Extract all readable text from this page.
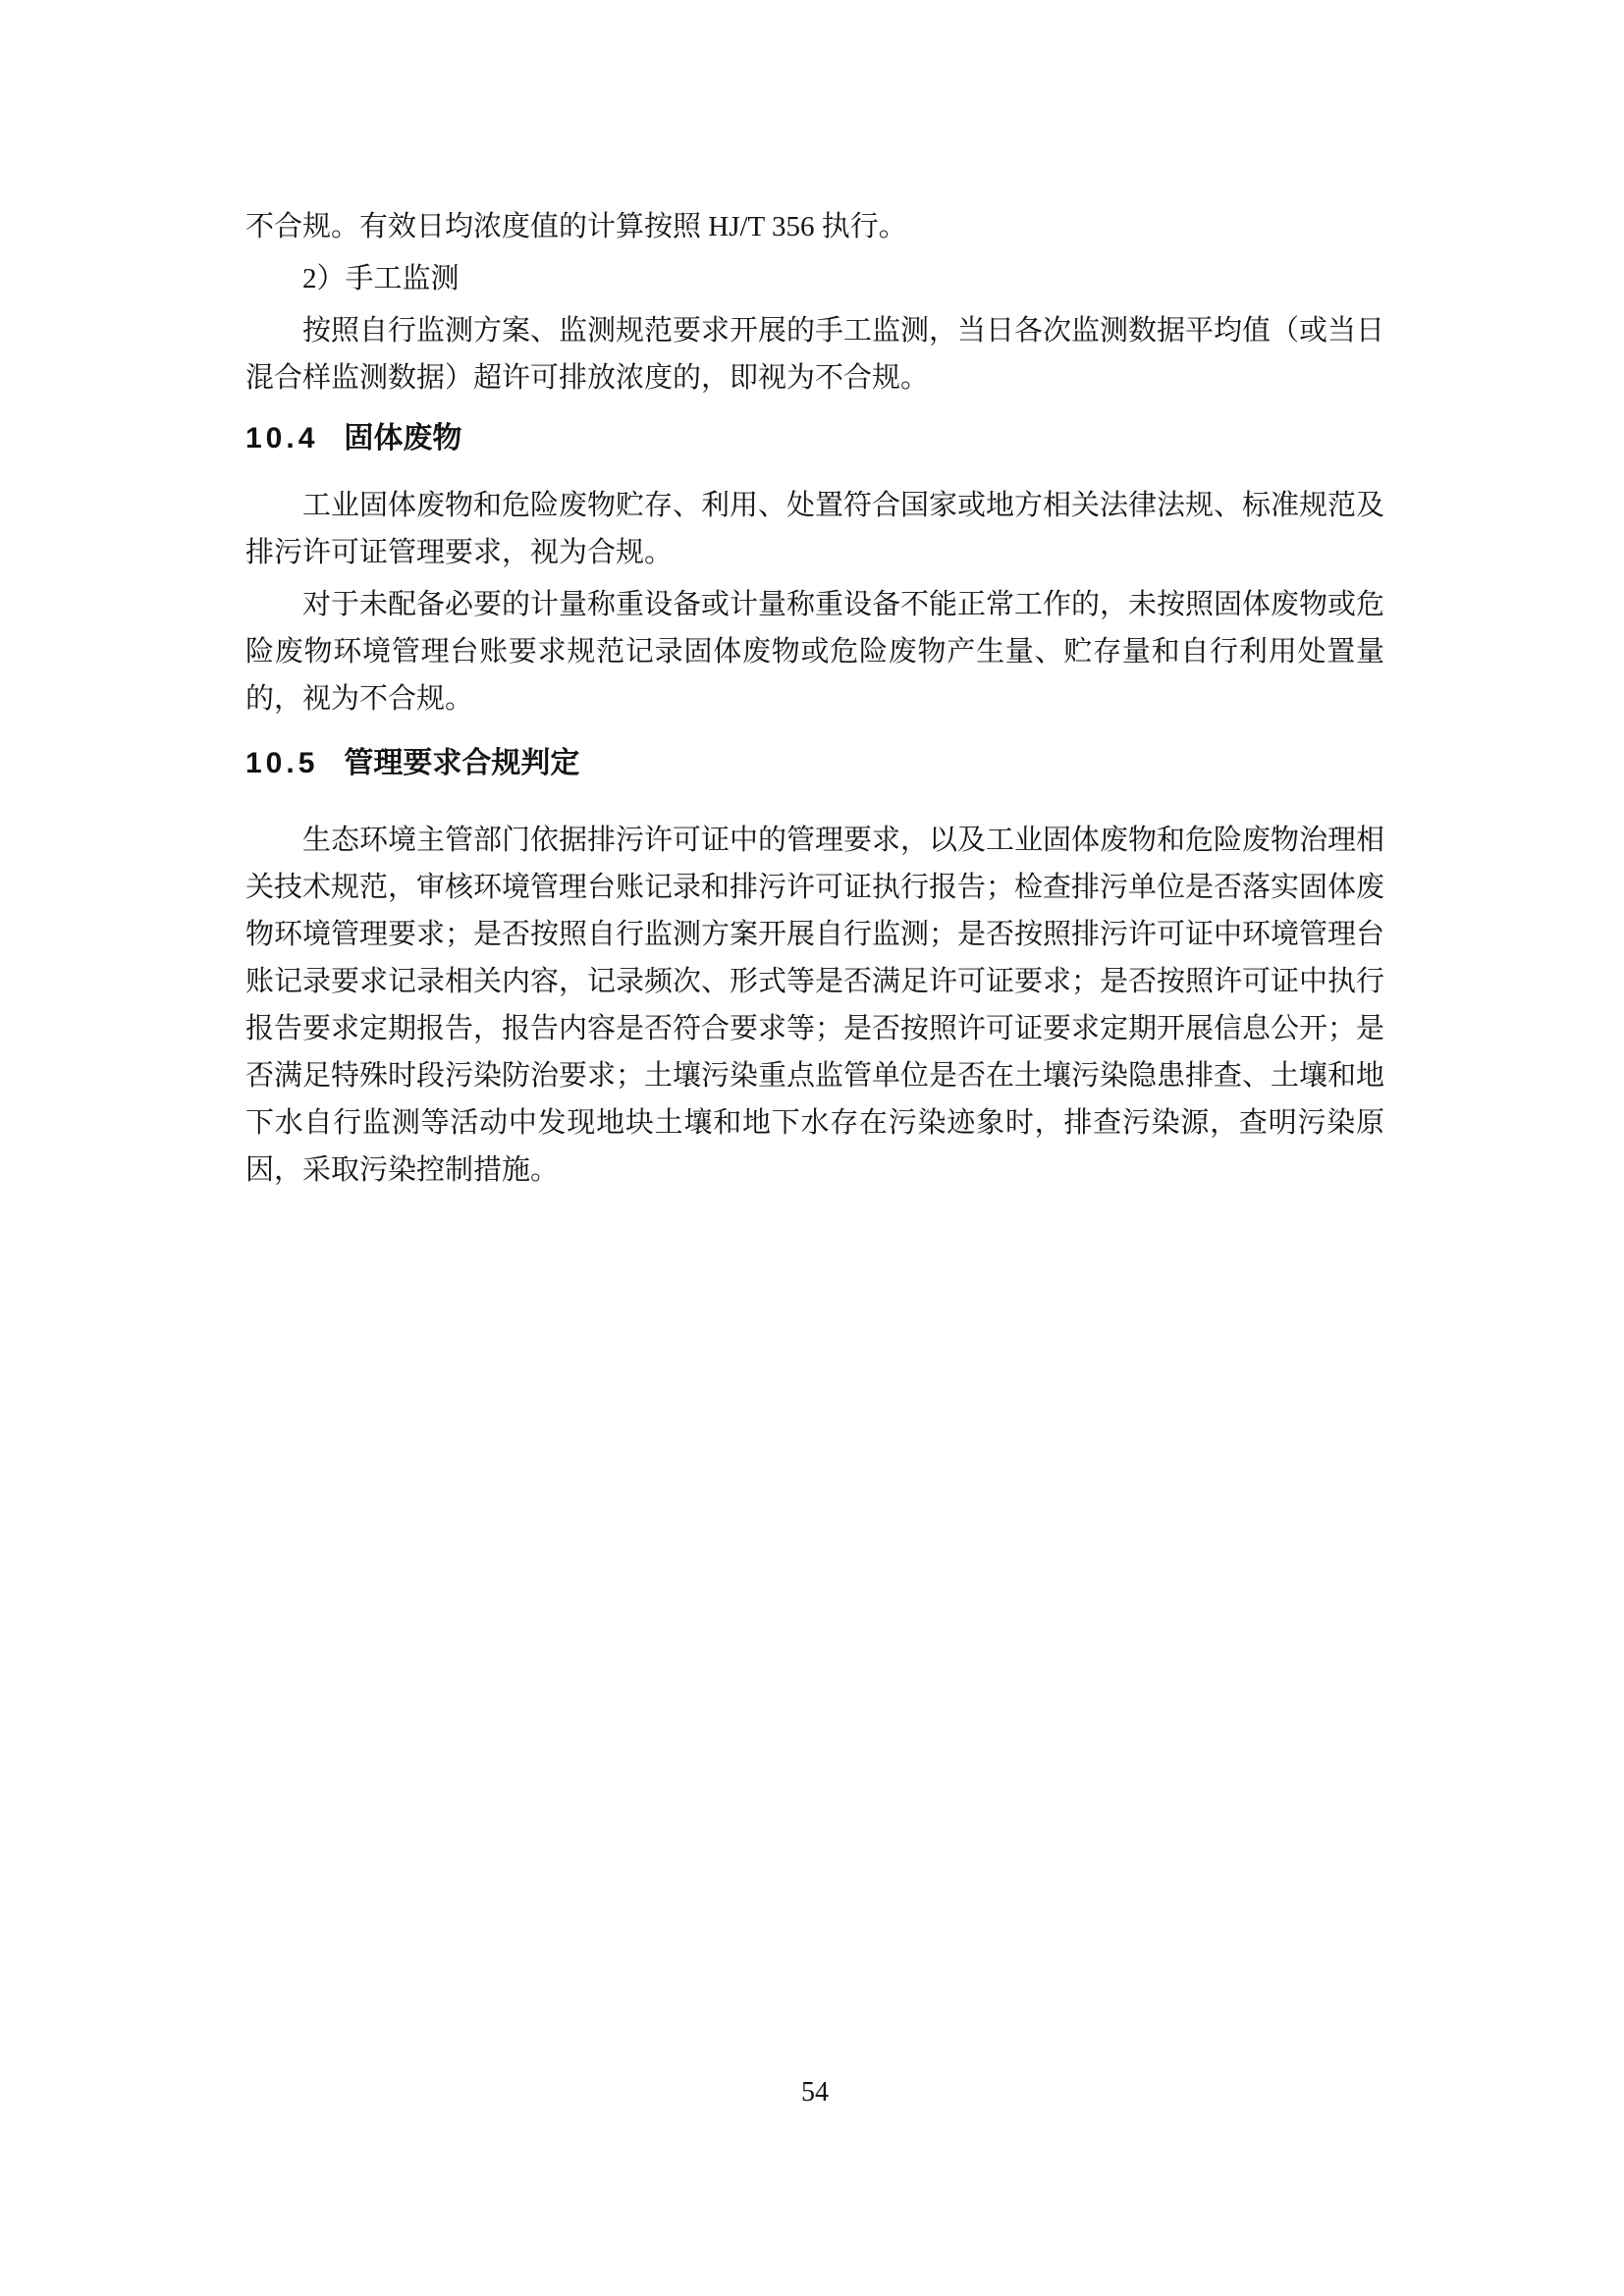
不合规。有效日均浓度值的计算按照 HJ/T 356 执行。

2）手工监测

按照自行监测方案、监测规范要求开展的手工监测，当日各次监测数据平均值（或当日混合样监测数据）超许可排放浓度的，即视为不合规。

10.4 固体废物

工业固体废物和危险废物贮存、利用、处置符合国家或地方相关法律法规、标准规范及排污许可证管理要求，视为合规。

对于未配备必要的计量称重设备或计量称重设备不能正常工作的，未按照固体废物或危险废物环境管理台账要求规范记录固体废物或危险废物产生量、贮存量和自行利用处置量的，视为不合规。

10.5 管理要求合规判定

生态环境主管部门依据排污许可证中的管理要求，以及工业固体废物和危险废物治理相关技术规范，审核环境管理台账记录和排污许可证执行报告；检查排污单位是否落实固体废物环境管理要求；是否按照自行监测方案开展自行监测；是否按照排污许可证中环境管理台账记录要求记录相关内容，记录频次、形式等是否满足许可证要求；是否按照许可证中执行报告要求定期报告，报告内容是否符合要求等；是否按照许可证要求定期开展信息公开；是否满足特殊时段污染防治要求；土壤污染重点监管单位是否在土壤污染隐患排查、土壤和地下水自行监测等活动中发现地块土壤和地下水存在污染迹象时，排查污染源，查明污染原因，采取污染控制措施。

54
